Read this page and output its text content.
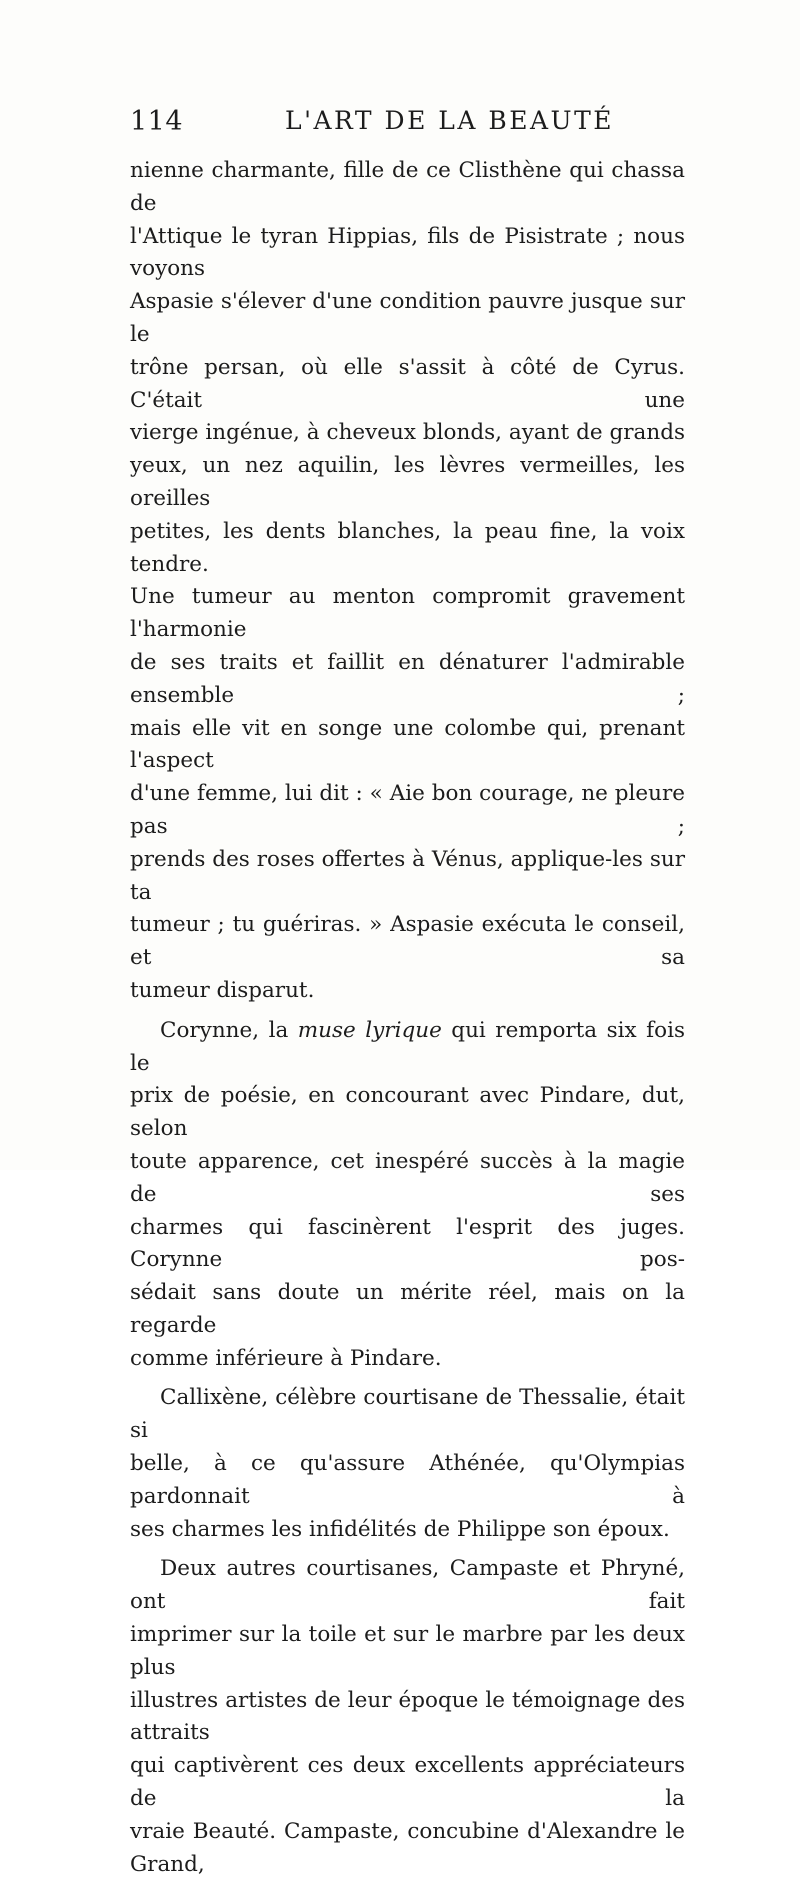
114	L'ART DE LA BEAUTÉ

nienne charmante, fille de ce Clisthène qui chassa de
l'Attique le tyran Hippias, fils de Pisistrate ; nous voyons
Aspasie s'élever d'une condition pauvre jusque sur le
trône persan, où elle s'assit à côté de Cyrus. C'était une
vierge ingénue, à cheveux blonds, ayant de grands
yeux, un nez aquilin, les lèvres vermeilles, les oreilles
petites, les dents blanches, la peau fine, la voix tendre.
Une tumeur au menton compromit gravement l'harmonie
de ses traits et faillit en dénaturer l'admirable ensemble ;
mais elle vit en songe une colombe qui, prenant l'aspect
d'une femme, lui dit : « Aie bon courage, ne pleure pas ;
prends des roses offertes à Vénus, applique-les sur ta
tumeur ; tu guériras. » Aspasie exécuta le conseil, et sa
tumeur disparut.

Corynne, la muse lyrique qui remporta six fois le
prix de poésie, en concourant avec Pindare, dut, selon
toute apparence, cet inespéré succès à la magie de ses
charmes qui fascinèrent l'esprit des juges. Corynne pos-
sédait sans doute un mérite réel, mais on la regarde
comme inférieure à Pindare.

Callixène, célèbre courtisane de Thessalie, était si
belle, à ce qu'assure Athénée, qu'Olympias pardonnait à
ses charmes les infidélités de Philippe son époux.

Deux autres courtisanes, Campaste et Phryné, ont fait
imprimer sur la toile et sur le marbre par les deux plus
illustres artistes de leur époque le témoignage des attraits
qui captivèrent ces deux excellents appréciateurs de la
vraie Beauté. Campaste, concubine d'Alexandre le Grand,
